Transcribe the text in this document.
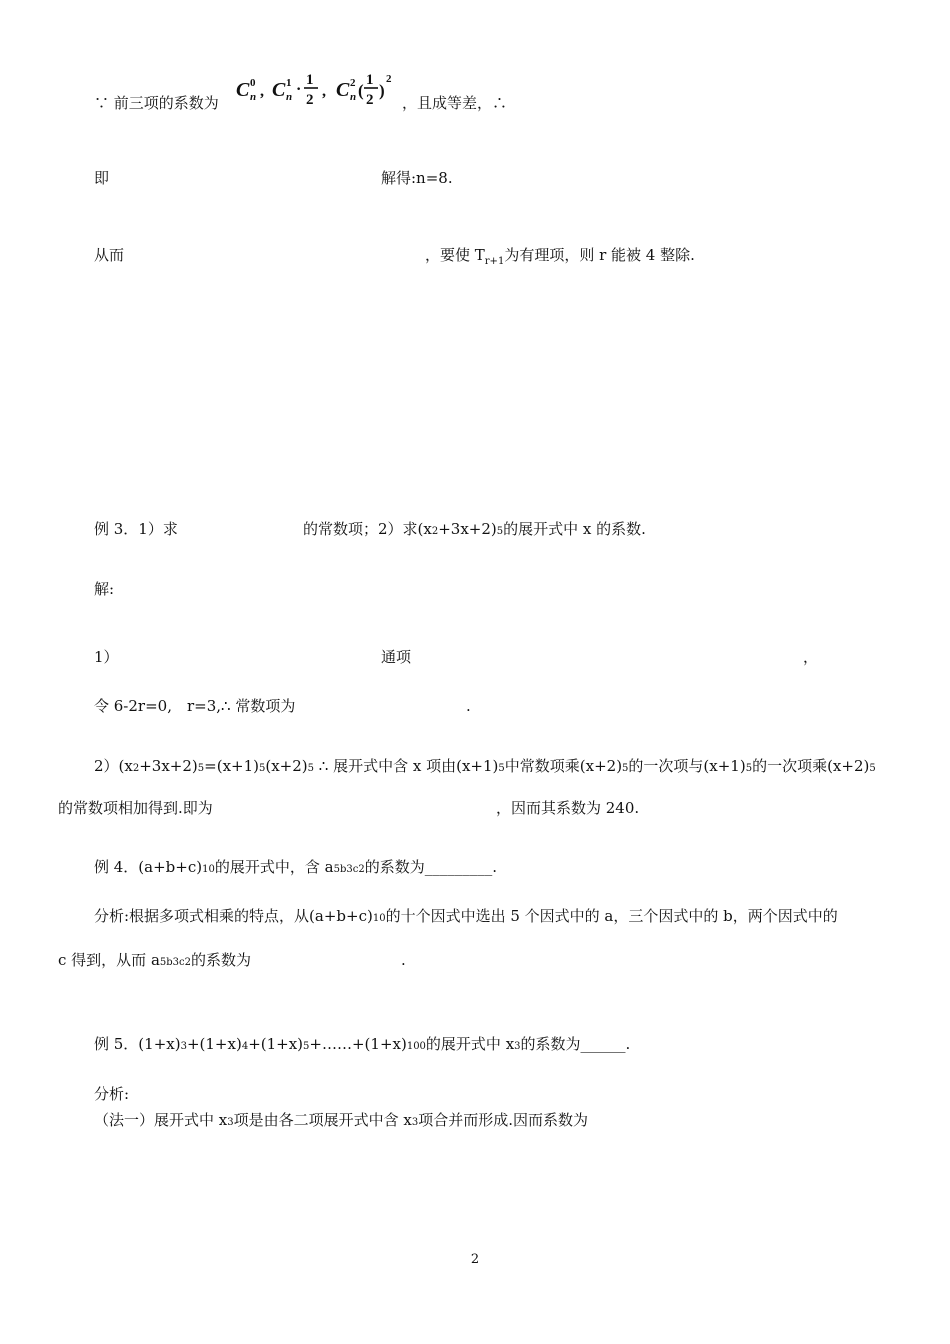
∵ 前三项的系数为
C 0
n , C 1
n ·
1
2 , C 2
n (
1
2 )
2
，且成等差，∴
即	解得:n=8.
从而	，要使 $T_{r+1}$为有理项，则 r 能被 4 整除.
例 3．1）求	的常数项；2）求(x2+3x+2)5的展开式中 x 的系数.
解:
1）	通项	，
令 6-2r=0, r=3,∴ 常数项为	.
2）(x2+3x+2)5=(x+1)5(x+2)5 ∴ 展开式中含 x 项由(x+1)5中常数项乘(x+2)5的一次项与(x+1)5的一次项乘(x+2)5
的常数项相加得到.即为	，因而其系数为 240.
例 4．(a+b+c)10的展开式中，含 a5b3c2的系数为_________.
分析:根据多项式相乘的特点，从(a+b+c)10的十个因式中选出 5 个因式中的 a，三个因式中的 b，两个因式中的
c 得到，从而 a5b3c2的系数为	.
例 5．(1+x)3+(1+x)4+(1+x)5+……+(1+x)100的展开式中 x3的系数为______.
分析:
（法一）展开式中 x3项是由各二项展开式中含 x3项合并而形成.因而系数为
2
